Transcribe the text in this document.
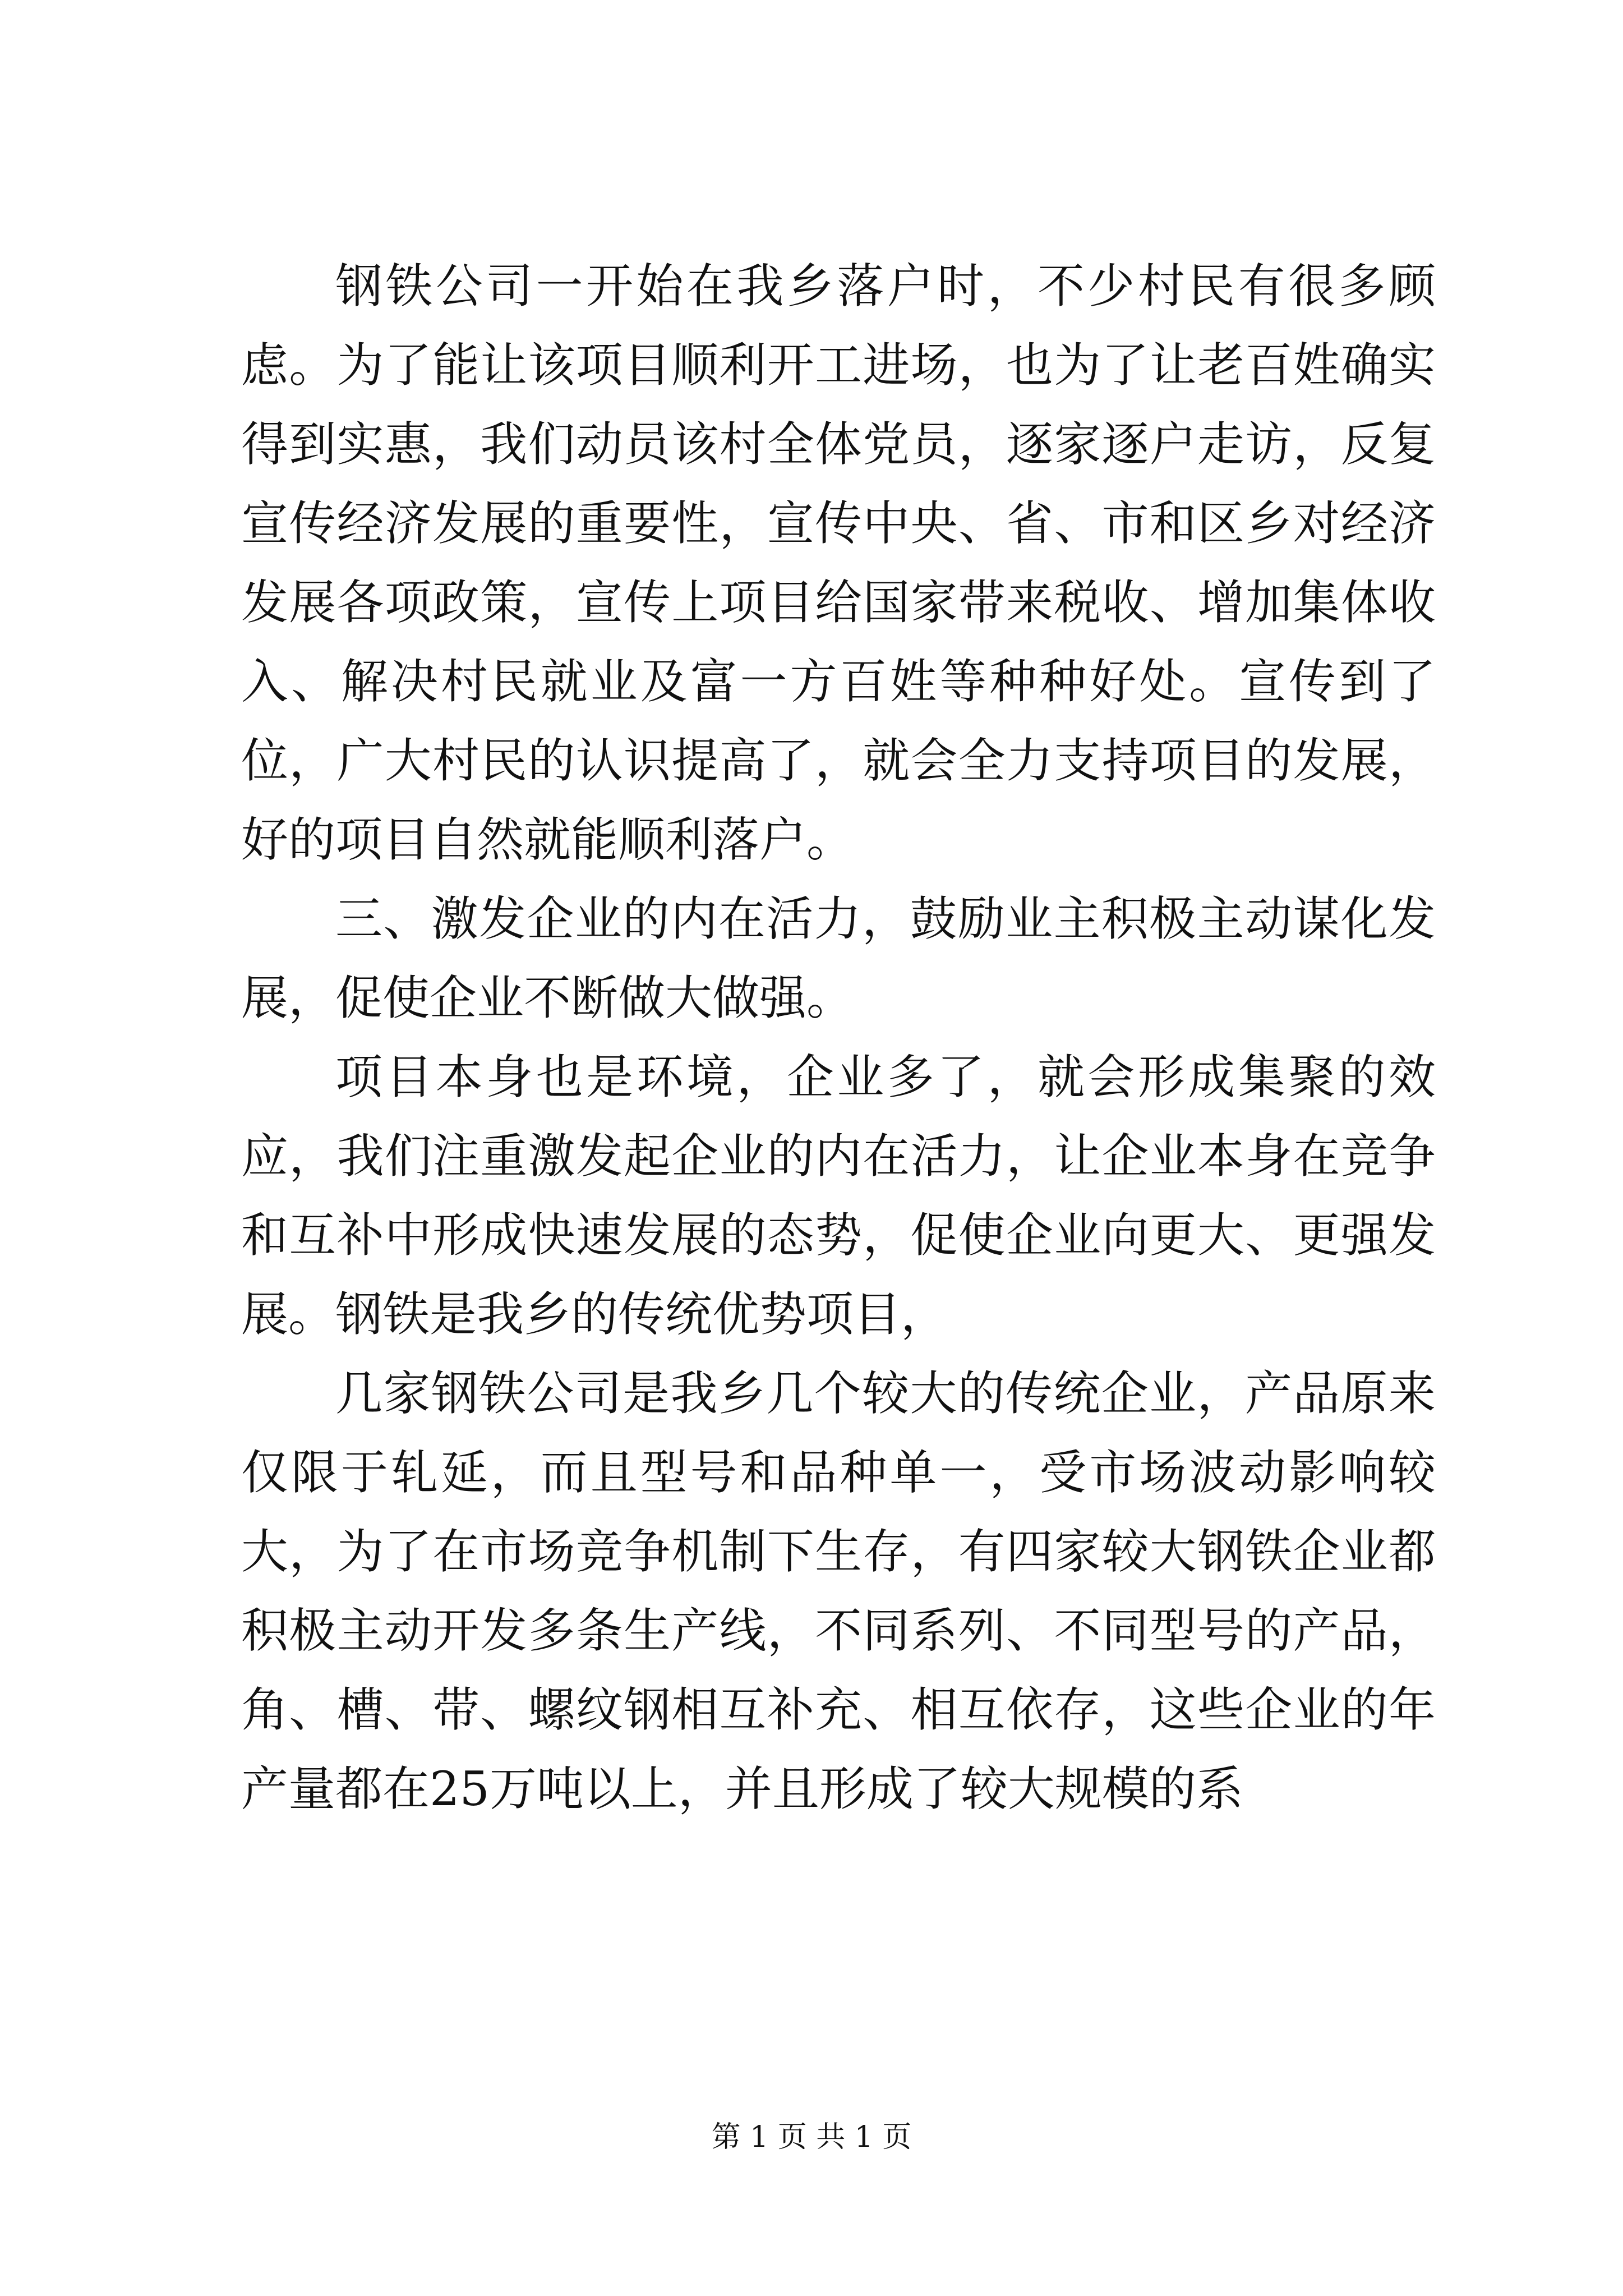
钢铁公司一开始在我乡落户时，不少村民有很多顾虑。为了能让该项目顺利开工进场，也为了让老百姓确实得到实惠，我们动员该村全体党员，逐家逐户走访，反复宣传经济发展的重要性，宣传中央、省、市和区乡对经济发展各项政策，宣传上项目给国家带来税收、增加集体收入、解决村民就业及富一方百姓等种种好处。宣传到了位，广大村民的认识提高了，就会全力支持项目的发展，好的项目自然就能顺利落户。

三、激发企业的内在活力，鼓励业主积极主动谋化发展，促使企业不断做大做强。

项目本身也是环境，企业多了，就会形成集聚的效应，我们注重激发起企业的内在活力，让企业本身在竞争和互补中形成快速发展的态势，促使企业向更大、更强发展。钢铁是我乡的传统优势项目，

几家钢铁公司是我乡几个较大的传统企业，产品原来仅限于轧延，而且型号和品种单一，受市场波动影响较大，为了在市场竞争机制下生存，有四家较大钢铁企业都积极主动开发多条生产线，不同系列、不同型号的产品，角、槽、带、螺纹钢相互补充、相互依存，这些企业的年产量都在25万吨以上，并且形成了较大规模的系

第 1 页 共 1 页
